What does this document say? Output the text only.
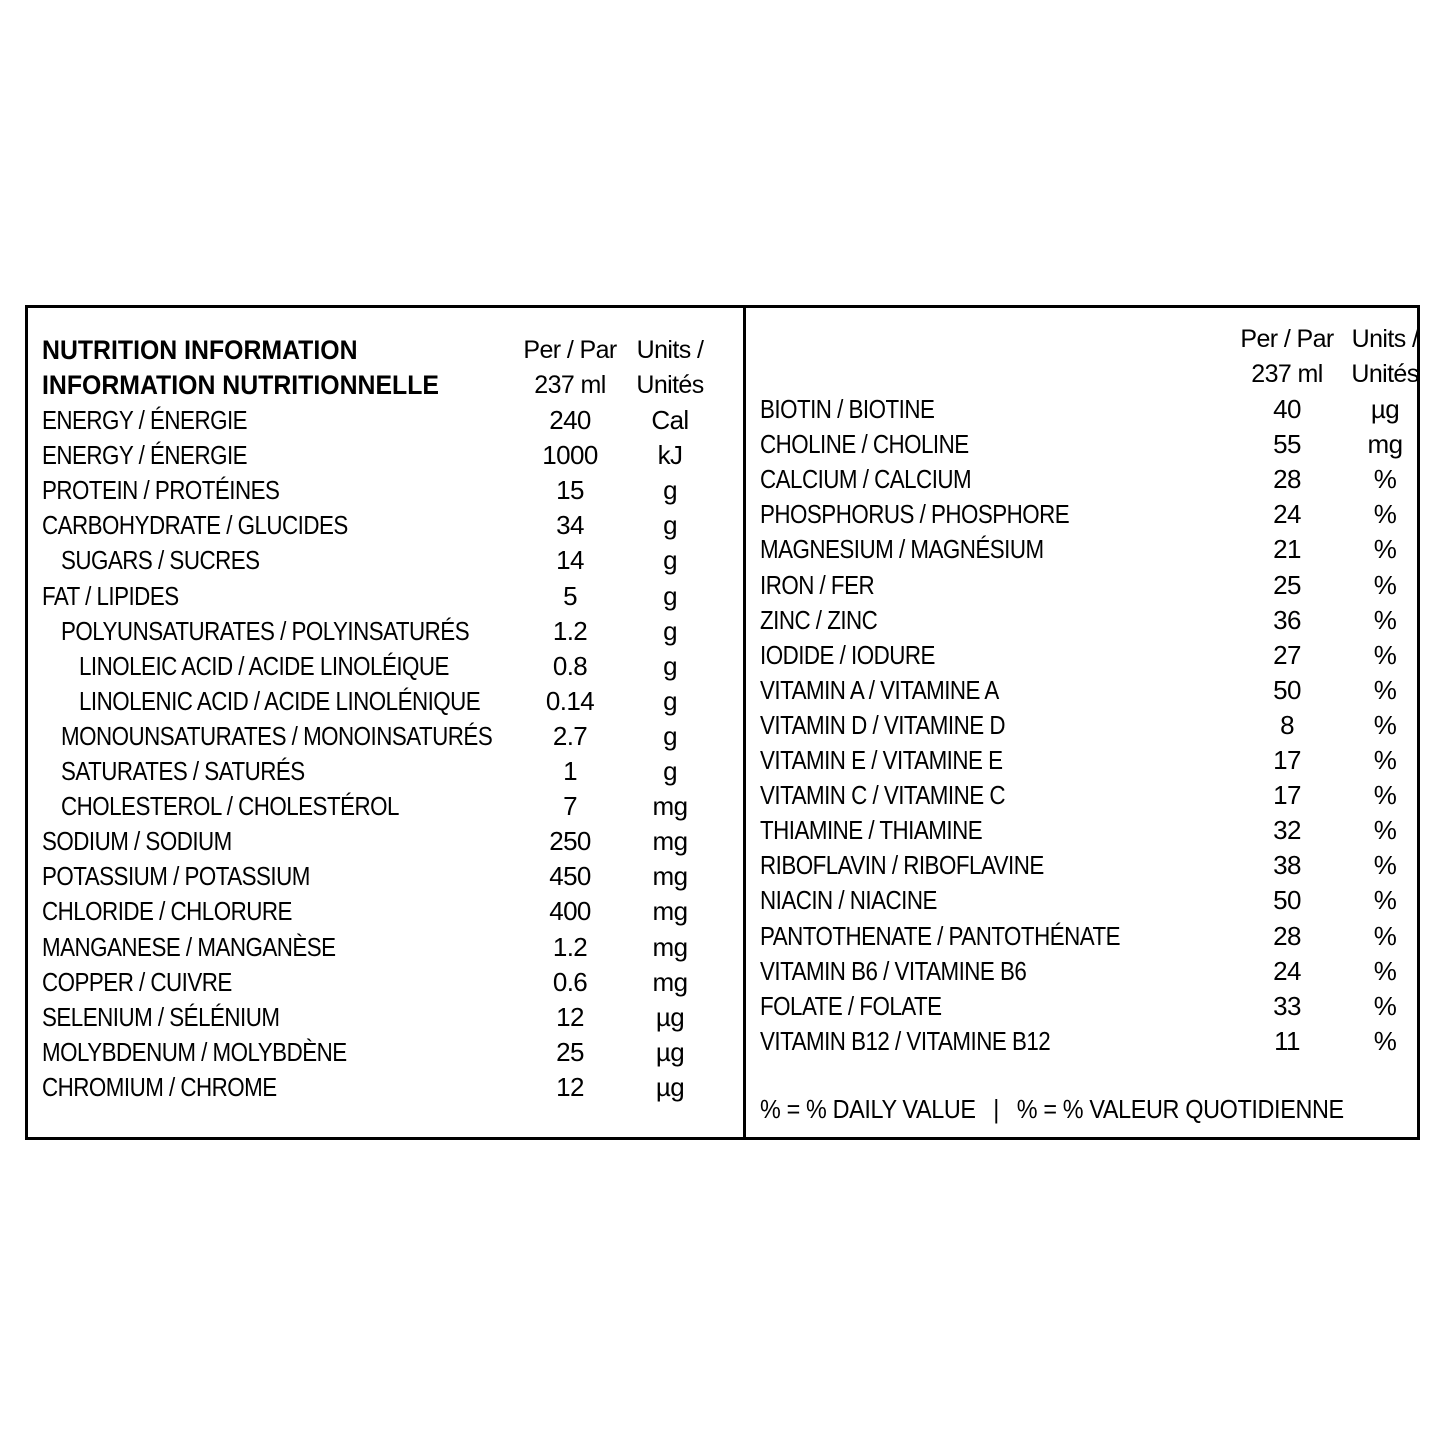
NUTRITION INFORMATION
INFORMATION NUTRITIONNELLE
Per / Par
237 ml
Units /
Unités
ENERGY / ÉNERGIE	240	Cal
ENERGY / ÉNERGIE	1000	kJ
PROTEIN / PROTÉINES	15	g
CARBOHYDRATE / GLUCIDES	34	g
SUGARS / SUCRES	14	g
FAT / LIPIDES	5	g
POLYUNSATURATES / POLYINSATURÉS	1.2	g
LINOLEIC ACID / ACIDE LINOLÉIQUE	0.8	g
LINOLENIC ACID / ACIDE LINOLÉNIQUE	0.14	g
MONOUNSATURATES / MONOINSATURÉS	2.7	g
SATURATES / SATURÉS	1	g
CHOLESTEROL / CHOLESTÉROL	7	mg
SODIUM / SODIUM	250	mg
POTASSIUM / POTASSIUM	450	mg
CHLORIDE / CHLORURE	400	mg
MANGANESE / MANGANÈSE	1.2	mg
COPPER / CUIVRE	0.6	mg
SELENIUM / SÉLÉNIUM	12	µg
MOLYBDENUM / MOLYBDÈNE	25	µg
CHROMIUM / CHROME	12	µg
Per / Par
237 ml
Units /
Unités
BIOTIN / BIOTINE	40	µg
CHOLINE / CHOLINE	55	mg
CALCIUM / CALCIUM	28	%
PHOSPHORUS / PHOSPHORE	24	%
MAGNESIUM / MAGNÉSIUM	21	%
IRON / FER	25	%
ZINC / ZINC	36	%
IODIDE / IODURE	27	%
VITAMIN A / VITAMINE A	50	%
VITAMIN D / VITAMINE D	8	%
VITAMIN E / VITAMINE E	17	%
VITAMIN C / VITAMINE C	17	%
THIAMINE / THIAMINE	32	%
RIBOFLAVIN / RIBOFLAVINE	38	%
NIACIN / NIACINE	50	%
PANTOTHENATE / PANTOTHÉNATE	28	%
VITAMIN B6 / VITAMINE B6	24	%
FOLATE / FOLATE	33	%
VITAMIN B12 / VITAMINE B12	11	%
% = % DAILY VALUE | % = % VALEUR QUOTIDIENNE
